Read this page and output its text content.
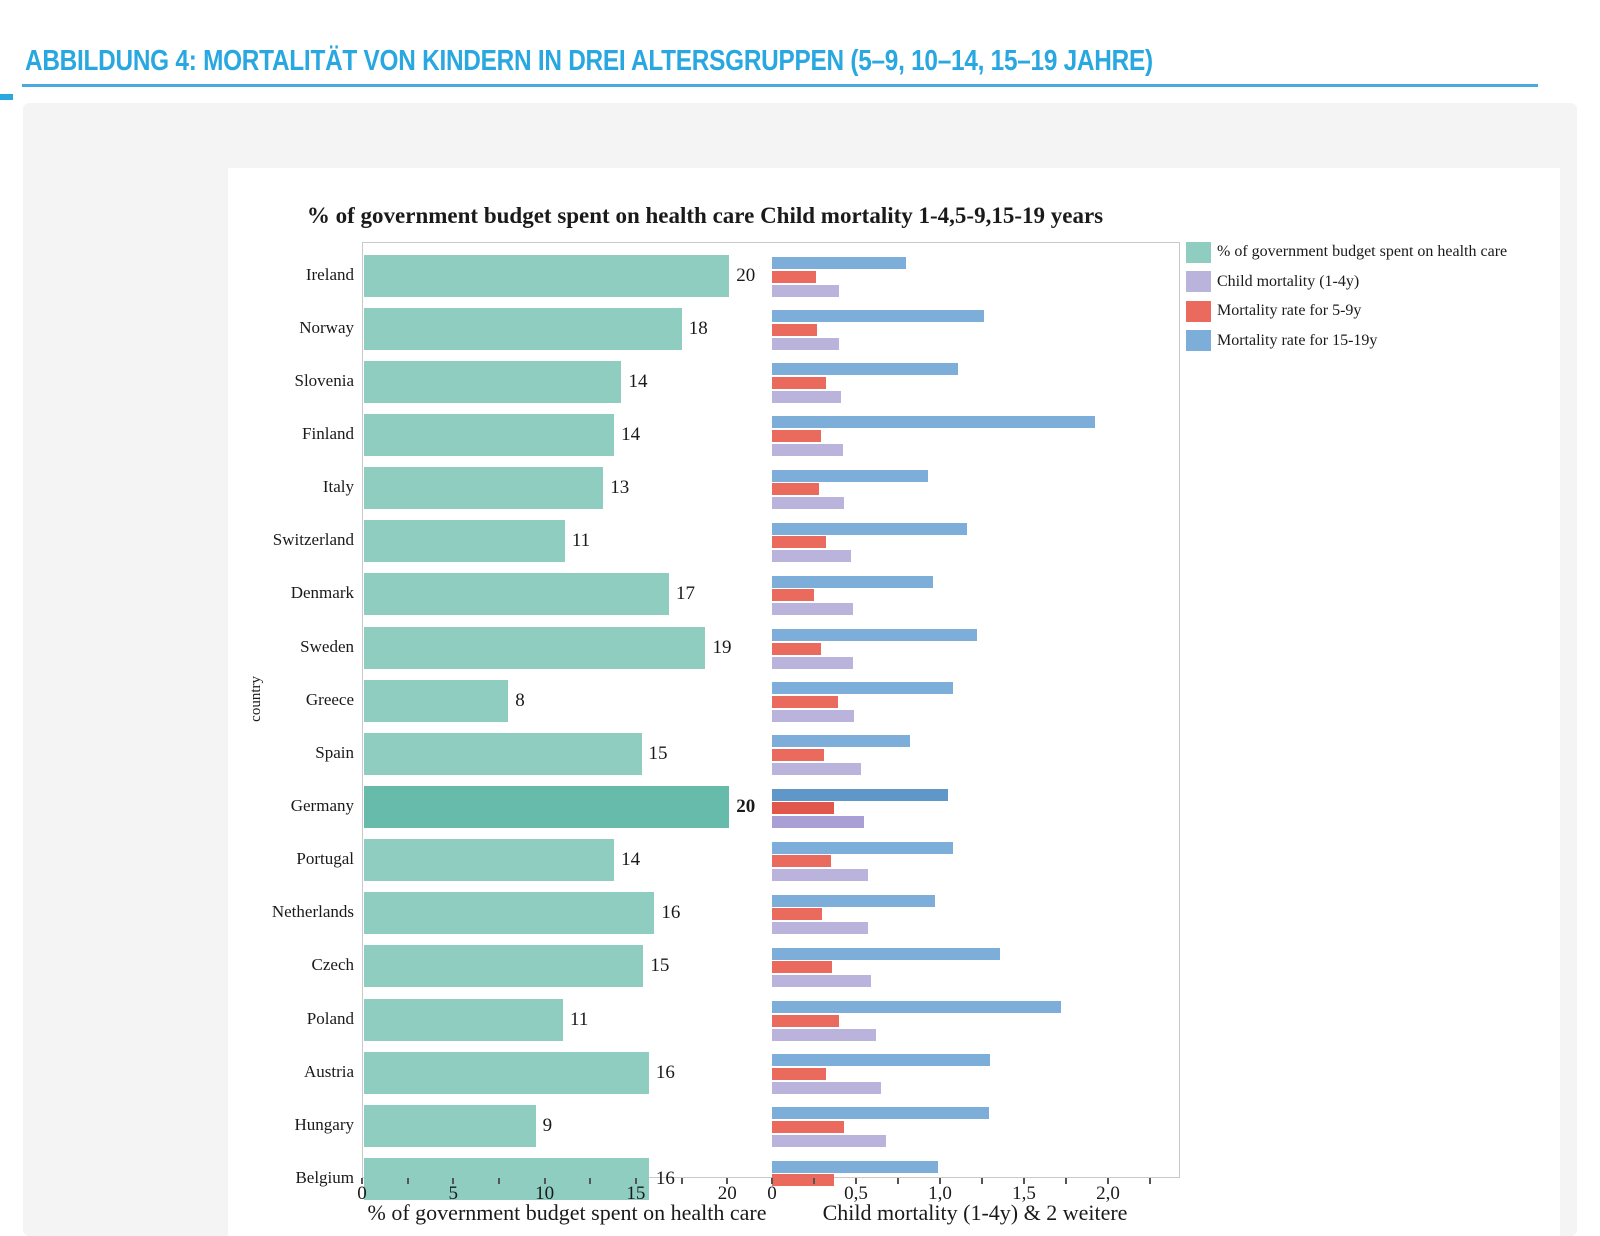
ABBILDUNG 4: MORTALITÄT VON KINDERN IN DREI ALTERSGRUPPEN (5–9, 10–14, 15–19 JAHRE)
% of government budget spent on health care Child mortality 1-4,5-9,15-19 years
country
20
18
14
14
13
11
17
19
8
15
20
14
16
15
11
16
9
16
Ireland
Norway
Slovenia
Finland
Italy
Switzerland
Denmark
Sweden
Greece
Spain
Germany
Portugal
Netherlands
Czech
Poland
Austria
Hungary
Belgium
0	5	10	15	20	0	0,5	1,0	1,5	2,0
% of government budget spent on health care
Child mortality (1-4y)
Mortality rate for 5-9y
Mortality rate for 15-19y
% of government budget spent on health care	Child mortality (1-4y) & 2 weitere
